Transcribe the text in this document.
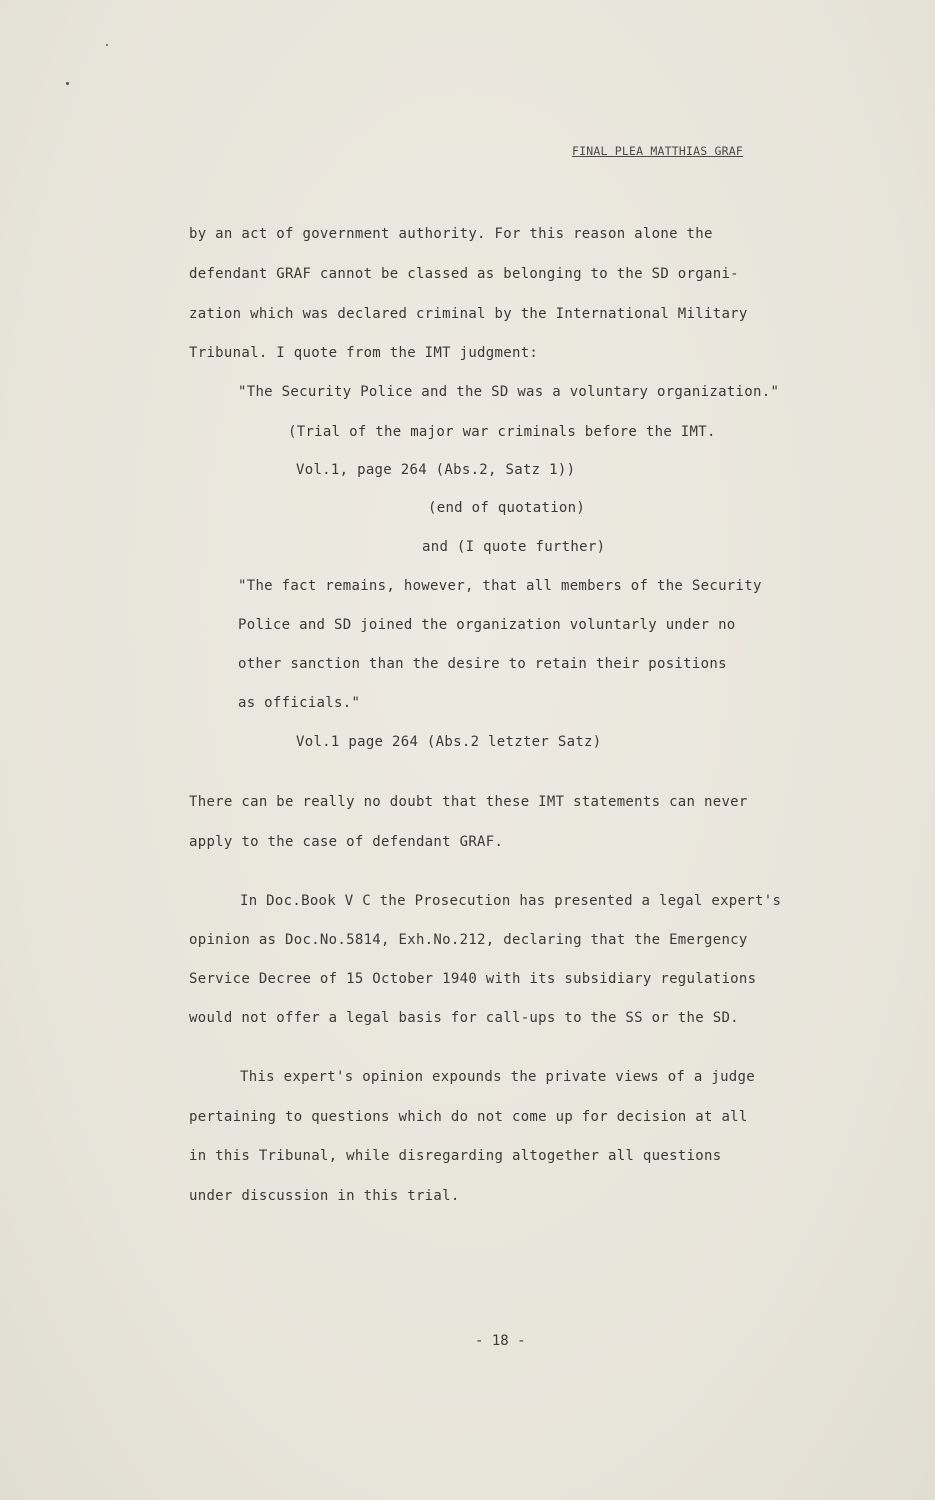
FINAL PLEA MATTHIAS GRAF
by an act of government authority. For this reason alone the
defendant GRAF cannot be classed as belonging to the SD organi-
zation which was declared criminal by the International Military
Tribunal. I quote from the IMT judgment:
"The Security Police and the SD was a voluntary organization."
(Trial of the major war criminals before the IMT.
Vol.1, page 264 (Abs.2, Satz 1))
(end of quotation)
and (I quote further)
"The fact remains, however, that all members of the Security
Police and SD joined the organization voluntarly under no
other sanction than the desire to retain their positions
as officials."
Vol.1 page 264 (Abs.2 letzter Satz)
There can be really no doubt that these IMT statements can never
apply to the case of defendant GRAF.
In Doc.Book V C the Prosecution has presented a legal expert's
opinion as Doc.No.5814, Exh.No.212, declaring that the Emergency
Service Decree of 15 October 1940 with its subsidiary regulations
would not offer a legal basis for call-ups to the SS or the SD.
This expert's opinion expounds the private views of a judge
pertaining to questions which do not come up for decision at all
in this Tribunal, while disregarding altogether all questions
under discussion in this trial.
- 18 -
